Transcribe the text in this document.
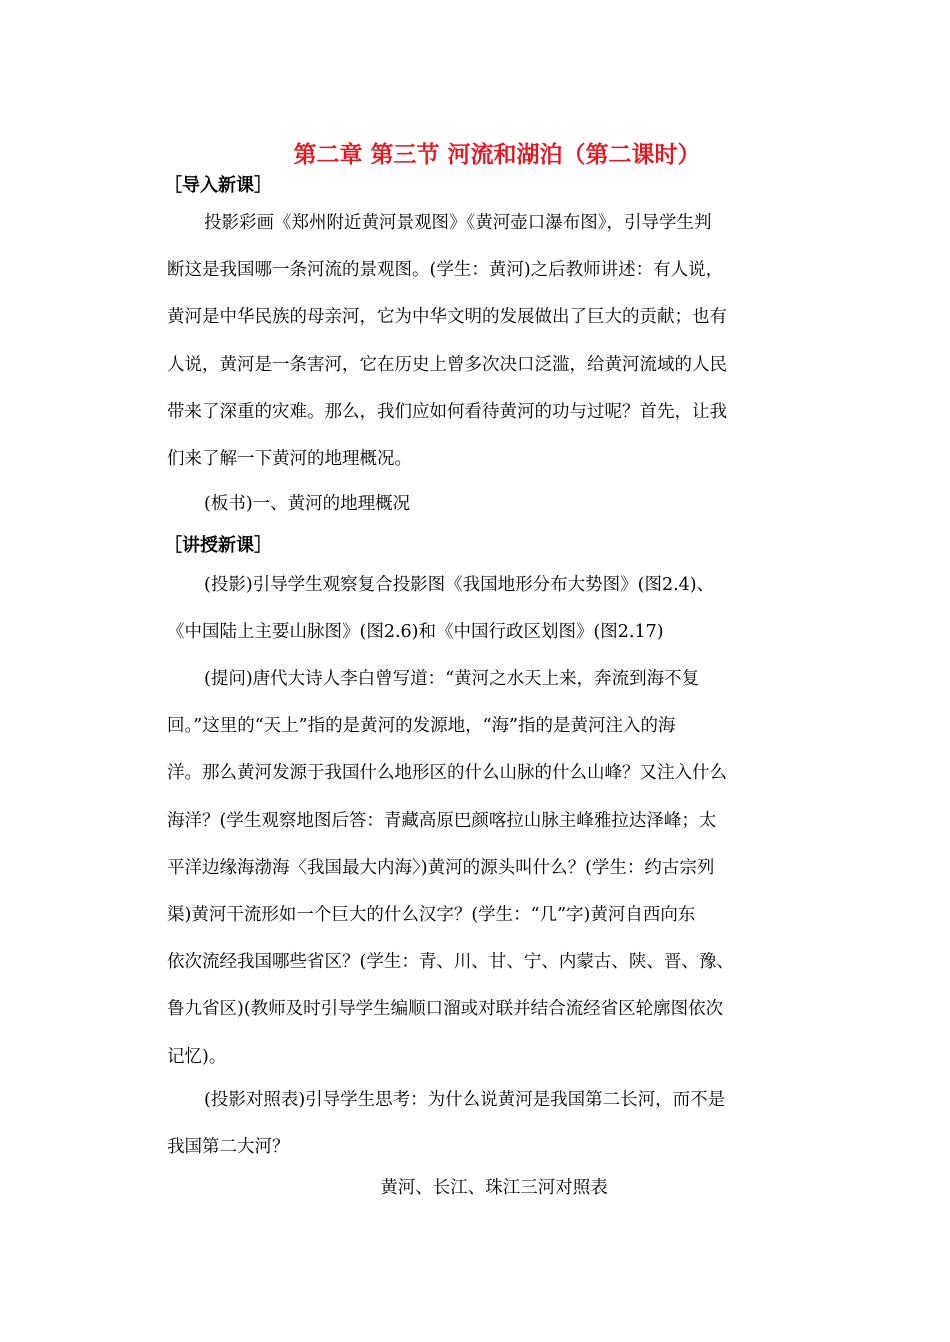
第二章 第三节 河流和湖泊（第二课时）
［导入新课］
投影彩画《郑州附近黄河景观图》《黄河壶口瀑布图》，引导学生判
断这是我国哪一条河流的景观图。(学生：黄河)之后教师讲述：有人说，
黄河是中华民族的母亲河，它为中华文明的发展做出了巨大的贡献；也有
人说，黄河是一条害河，它在历史上曾多次决口泛滥，给黄河流域的人民
带来了深重的灾难。那么，我们应如何看待黄河的功与过呢？首先，让我
们来了解一下黄河的地理概况。
(板书)一、黄河的地理概况
［讲授新课］
(投影)引导学生观察复合投影图《我国地形分布大势图》(图2.4)、
《中国陆上主要山脉图》(图2.6)和《中国行政区划图》(图2.17)
(提问)唐代大诗人李白曾写道：“黄河之水天上来，奔流到海不复
回。”这里的“天上”指的是黄河的发源地，“海”指的是黄河注入的海
洋。那么黄河发源于我国什么地形区的什么山脉的什么山峰？又注入什么
海洋？(学生观察地图后答：青藏高原巴颜喀拉山脉主峰雅拉达泽峰；太
平洋边缘海渤海〈我国最大内海〉)黄河的源头叫什么？(学生：约古宗列
渠)黄河干流形如一个巨大的什么汉字？(学生：“几”字)黄河自西向东
依次流经我国哪些省区？(学生：青、川、甘、宁、内蒙古、陕、晋、豫、
鲁九省区)(教师及时引导学生编顺口溜或对联并结合流经省区轮廓图依次
记忆)。
(投影对照表)引导学生思考：为什么说黄河是我国第二长河，而不是
我国第二大河？
黄河、长江、珠江三河对照表
